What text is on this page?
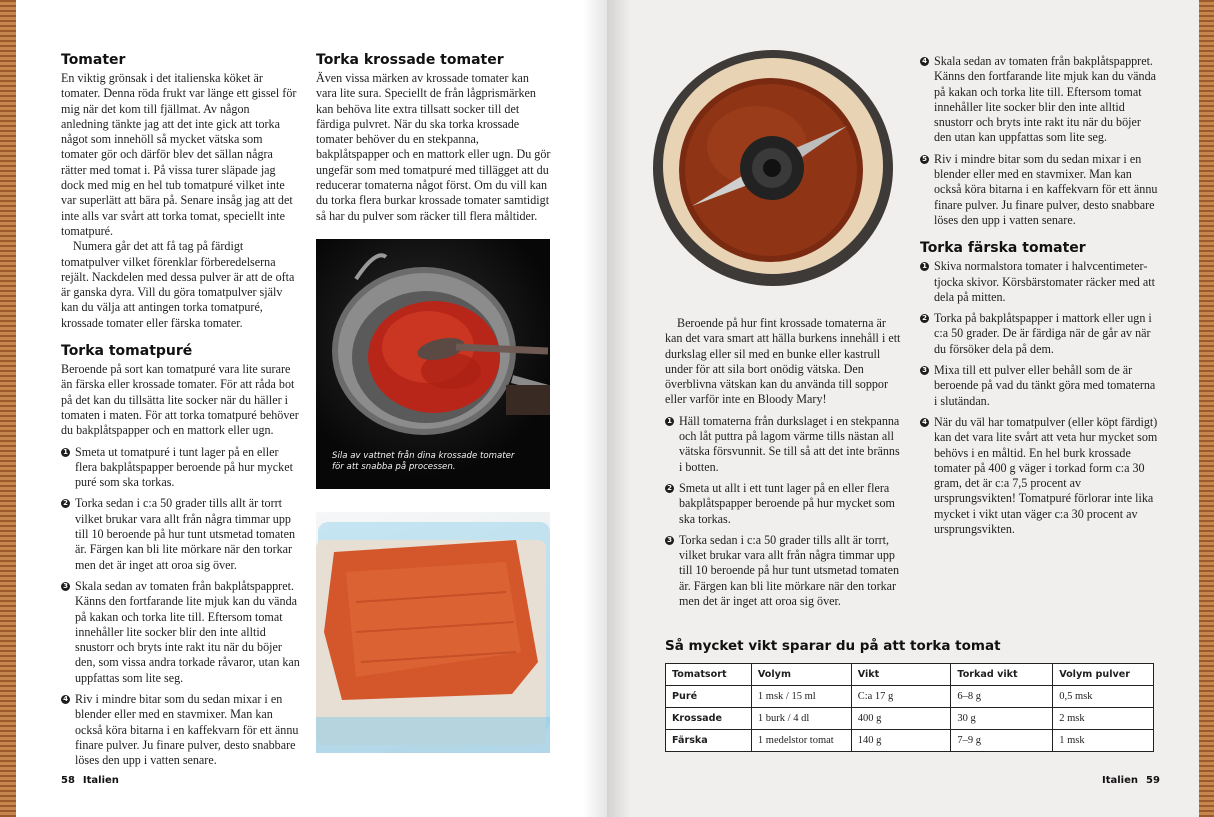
Tomater

En viktig grönsak i det italienska köket är tomater. Denna röda frukt var länge ett gissel för mig när det kom till fjällmat. Av någon anledning tänkte jag att det inte gick att torka något som innehöll så mycket vätska som tomater gör och därför blev det sällan några rätter med tomat i. På vissa turer släpade jag dock med mig en hel tub tomatpuré vilket inte var superlätt att bära på. Senare insåg jag att det inte alls var svårt att torka tomat, speciellt inte tomatpuré.

Numera går det att få tag på färdigt tomatpulver vilket förenklar förberedelserna rejält. Nackdelen med dessa pulver är att de ofta är ganska dyra. Vill du göra tomatpulver själv kan du välja att antingen torka tomatpuré, krossade tomater eller färska tomater.

Torka tomatpuré

Beroende på sort kan tomatpuré vara lite surare än färska eller krossade tomater. För att råda bot på det kan du tillsätta lite socker när du häller i tomaten i maten. För att torka tomatpuré behöver du bakplåtspapper och en mattork eller ugn.

1 Smeta ut tomatpuré i tunt lager på en eller flera bakplåtspapper beroende på hur mycket puré som ska torkas.
2 Torka sedan i c:a 50 grader tills allt är torrt vilket brukar vara allt från några timmar upp till 10 beroende på hur tunt utsmetad tomaten är. Färgen kan bli lite mörkare när den torkar men det är inget att oroa sig över.
3 Skala sedan av tomaten från bakplåtspappret. Känns den fortfarande lite mjuk kan du vända på kakan och torka lite till. Eftersom tomat innehåller lite socker blir den inte alltid snustorr och bryts inte rakt itu när du böjer den, som vissa andra torkade råvaror, utan kan uppfattas som lite seg.
4 Riv i mindre bitar som du sedan mixar i en blender eller med en stavmixer. Man kan också köra bitarna i en kaffekvarn för ett ännu finare pulver. Ju finare pulver, desto snabbare löses den upp i vatten senare.
Torka krossade tomater

Även vissa märken av krossade tomater kan vara lite sura. Speciellt de från lågprismärken kan behöva lite extra tillsatt socker till det färdiga pulvret. När du ska torka krossade tomater behöver du en stekpanna, bakplåtspapper och en mattork eller ugn. Du gör ungefär som med tomatpuré med tillägget att du reducerar tomaterna något först. Om du vill kan du torka flera burkar krossade tomater samtidigt så har du pulver som räcker till flera måltider.

Sila av vattnet från dina krossade tomater för att snabba på processen.
58 Italien

Beroende på hur fint krossade tomaterna är kan det vara smart att hälla burkens innehåll i ett durkslag eller sil med en bunke eller kastrull under för att sila bort onödig vätska. Den överblivna vätskan kan du använda till soppor eller varför inte en Bloody Mary!

1 Häll tomaterna från durkslaget i en stekpanna och låt puttra på lagom värme tills nästan all vätska försvunnit. Se till så att det inte bränns i botten.
2 Smeta ut allt i ett tunt lager på en eller flera bakplåtspapper beroende på hur mycket som ska torkas.
3 Torka sedan i c:a 50 grader tills allt är torrt, vilket brukar vara allt från några timmar upp till 10 beroende på hur tunt utsmetad tomaten är. Färgen kan bli lite mörkare när den torkar men det är inget att oroa sig över.
4 Skala sedan av tomaten från bakplåtspappret. Känns den fortfarande lite mjuk kan du vända på kakan och torka lite till. Eftersom tomat innehåller lite socker blir den inte alltid snustorr och bryts inte rakt itu när du böjer den utan kan uppfattas som lite seg.
5 Riv i mindre bitar som du sedan mixar i en blender eller med en stavmixer. Man kan också köra bitarna i en kaffekvarn för ett ännu finare pulver. Ju finare pulver, desto snabbare löses den upp i vatten senare.
Torka färska tomater
1 Skiva normalstora tomater i halvcentimeter-tjocka skivor. Körsbärstomater räcker med att dela på mitten.
2 Torka på bakplåtspapper i mattork eller ugn i c:a 50 grader. De är färdiga när de går av när du försöker dela på dem.
3 Mixa till ett pulver eller behåll som de är beroende på vad du tänkt göra med tomaterna i slutändan.
4 När du väl har tomatpulver (eller köpt färdigt) kan det vara lite svårt att veta hur mycket som behövs i en måltid. En hel burk krossade tomater på 400 g väger i torkad form c:a 30 gram, det är c:a 7,5 procent av ursprungsvikten! Tomatpuré förlorar inte lika mycket i vikt utan väger c:a 30 procent av ursprungsvikten.
Så mycket vikt sparar du på att torka tomat
Tomatsort	Volym	Vikt	Torkad vikt	Volym pulver
Puré	1 msk / 15 ml	C:a 17 g	6–8 g	0,5 msk
Krossade	1 burk / 4 dl	400 g	30 g	2 msk
Färska	1 medelstor tomat	140 g	7–9 g	1 msk
Italien 59
